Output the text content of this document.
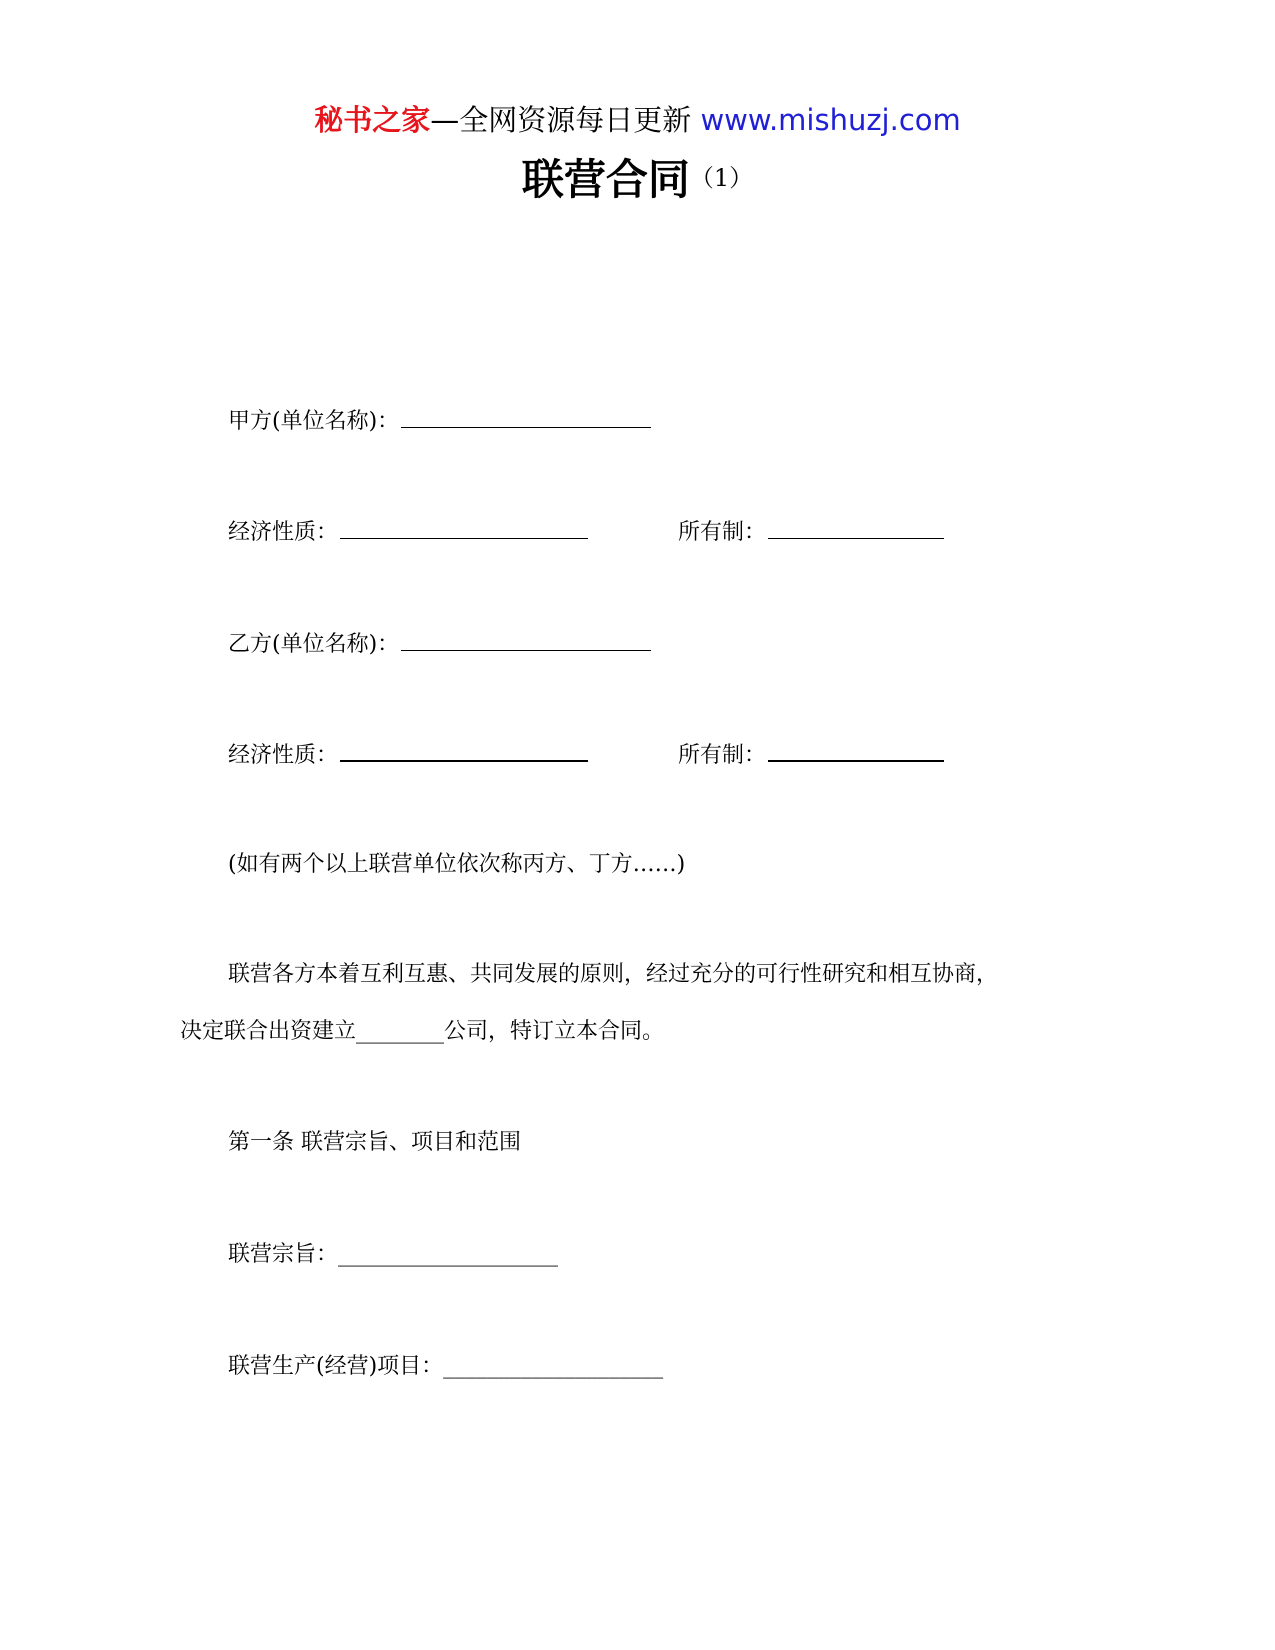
秘书之家—全网资源每日更新 www.mishuzj.com
联营合同（1）
甲方(单位名称)：
经济性质：	所有制：
乙方(单位名称)：
经济性质：	所有制：
(如有两个以上联营单位依次称丙方、丁方……)
联营各方本着互利互惠、共同发展的原则，经过充分的可行性研究和相互协商，
决定联合出资建立________公司，特订立本合同。
第一条 联营宗旨、项目和范围
联营宗旨：____________________
联营生产(经营)项目：____________________
